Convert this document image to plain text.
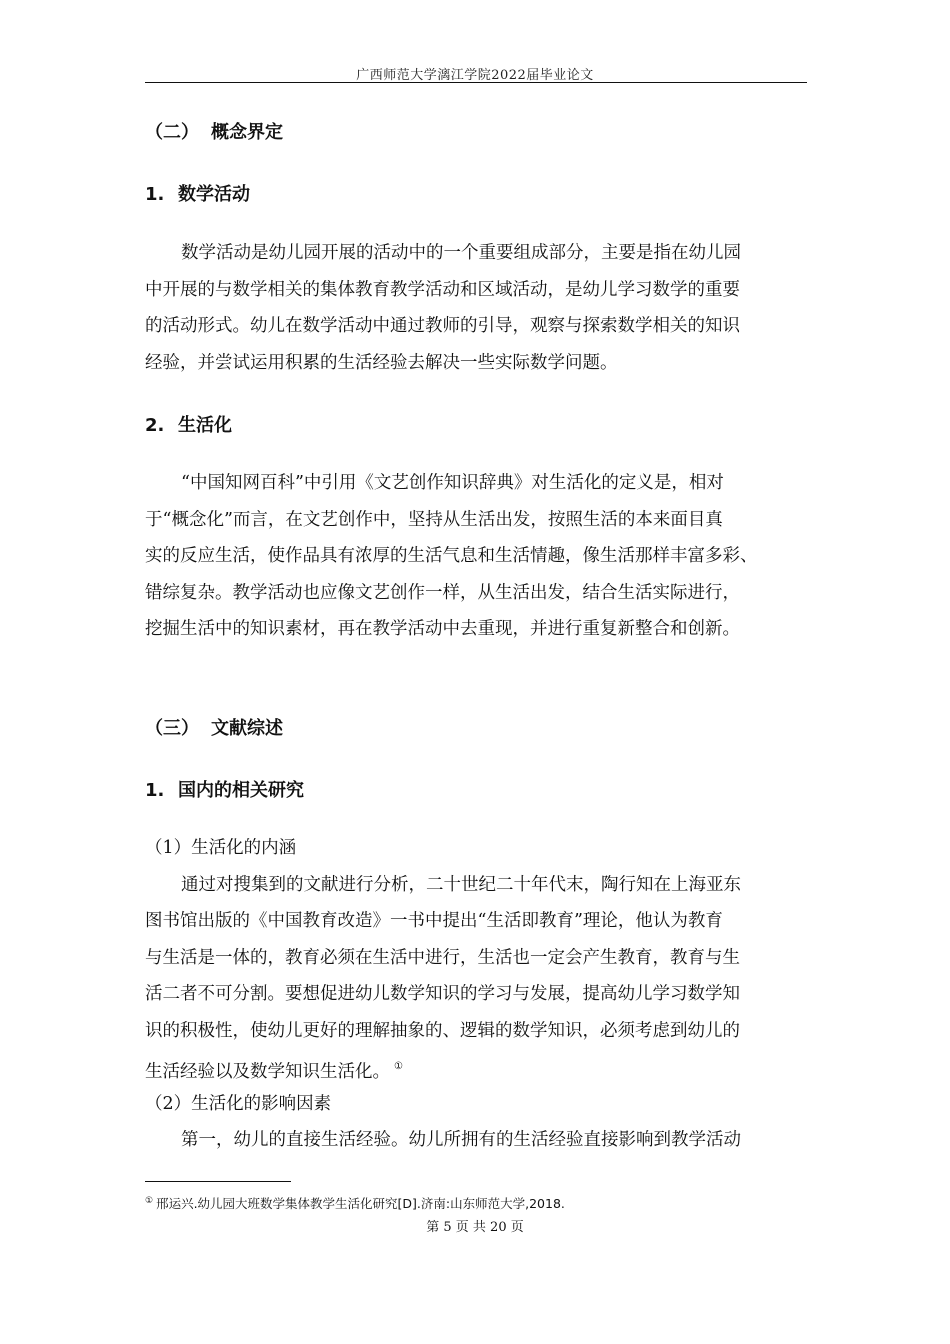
广西师范大学漓江学院2022届毕业论文
（二） 概念界定
1. 数学活动
数学活动是幼儿园开展的活动中的一个重要组成部分，主要是指在幼儿园
中开展的与数学相关的集体教育教学活动和区域活动，是幼儿学习数学的重要
的活动形式。幼儿在数学活动中通过教师的引导，观察与探索数学相关的知识
经验，并尝试运用积累的生活经验去解决一些实际数学问题。
2. 生活化
“中国知网百科”中引用《文艺创作知识辞典》对生活化的定义是，相对
于“概念化”而言，在文艺创作中，坚持从生活出发，按照生活的本来面目真
实的反应生活，使作品具有浓厚的生活气息和生活情趣，像生活那样丰富多彩、
错综复杂。教学活动也应像文艺创作一样，从生活出发，结合生活实际进行，
挖掘生活中的知识素材，再在教学活动中去重现，并进行重复新整合和创新。
（三） 文献综述
1. 国内的相关研究
（1）生活化的内涵
通过对搜集到的文献进行分析，二十世纪二十年代末，陶行知在上海亚东
图书馆出版的《中国教育改造》一书中提出“生活即教育”理论，他认为教育
与生活是一体的，教育必须在生活中进行，生活也一定会产生教育，教育与生
活二者不可分割。要想促进幼儿数学知识的学习与发展，提高幼儿学习数学知
识的积极性，使幼儿更好的理解抽象的、逻辑的数学知识，必须考虑到幼儿的
生活经验以及数学知识生活化。 ①
（2）生活化的影响因素
第一，幼儿的直接生活经验。幼儿所拥有的生活经验直接影响到教学活动
① 邢运兴.幼儿园大班数学集体教学生活化研究[D].济南:山东师范大学,2018.
第 5 页 共 20 页
